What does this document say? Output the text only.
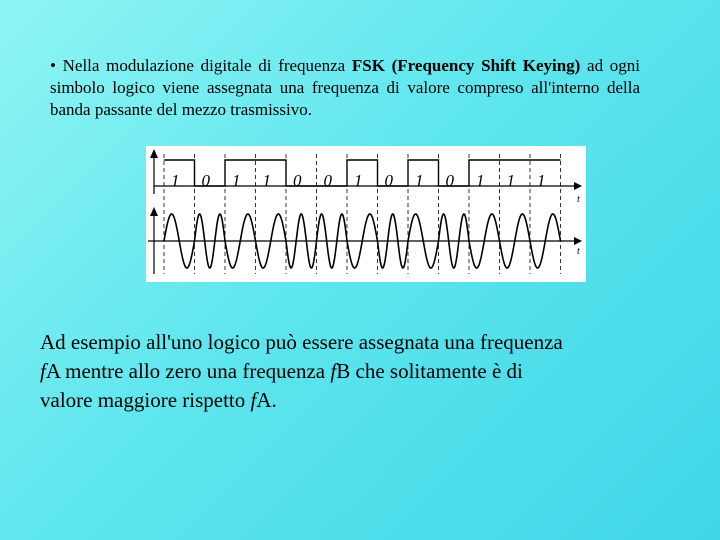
• Nella modulazione digitale di frequenza FSK (Frequency Shift Keying) ad ogni simbolo logico viene assegnata una frequenza di valore compreso all'interno della banda passante del mezzo trasmissivo.
t
t
1 0 1 1 0 0 1 0 1 0 1 1 1
Ad esempio all'uno logico può essere assegnata una frequenza fA mentre allo zero una frequenza fB che solitamente è di valore maggiore rispetto fA.
